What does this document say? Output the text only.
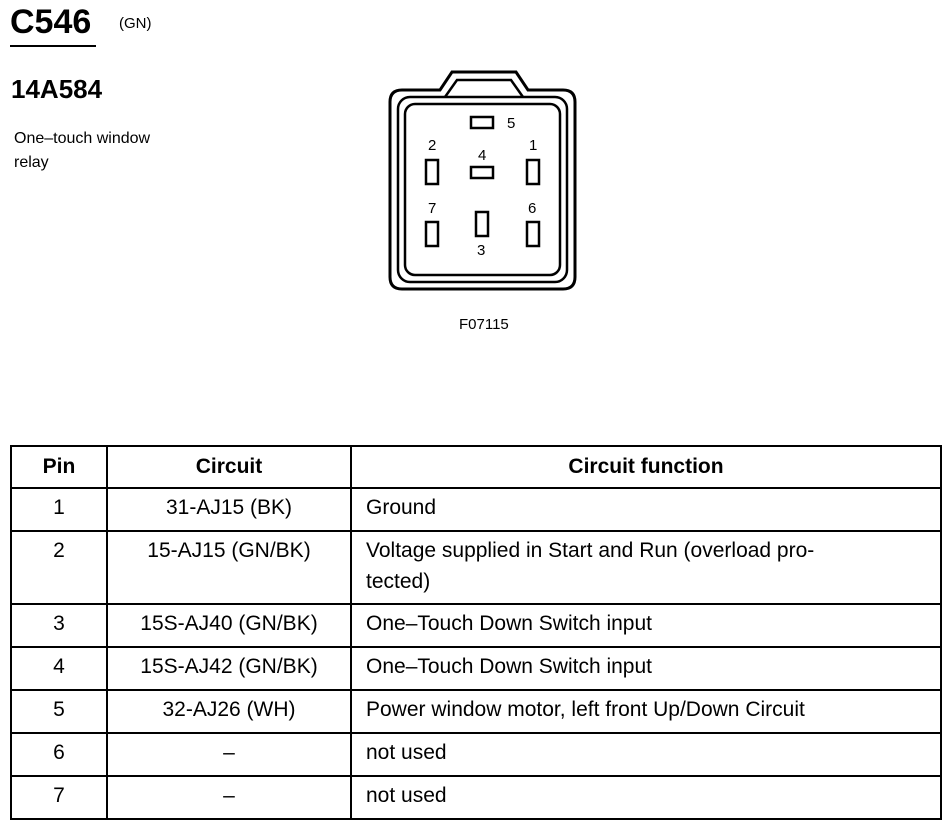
C546 (GN)
14A584
One–touch window
relay
5
2
4
1
7	6
3
F07115
Pin	Circuit	Circuit function
1	31-AJ15 (BK)	Ground
2	15-AJ15 (GN/BK)	Voltage supplied in Start and Run (overload pro-
tected)

3	15S-AJ40 (GN/BK)	One–Touch Down Switch input
4	15S-AJ42 (GN/BK)	One–Touch Down Switch input
5	32-AJ26 (WH)	Power window motor, left front Up/Down Circuit
6	–	not used
7	–	not used
